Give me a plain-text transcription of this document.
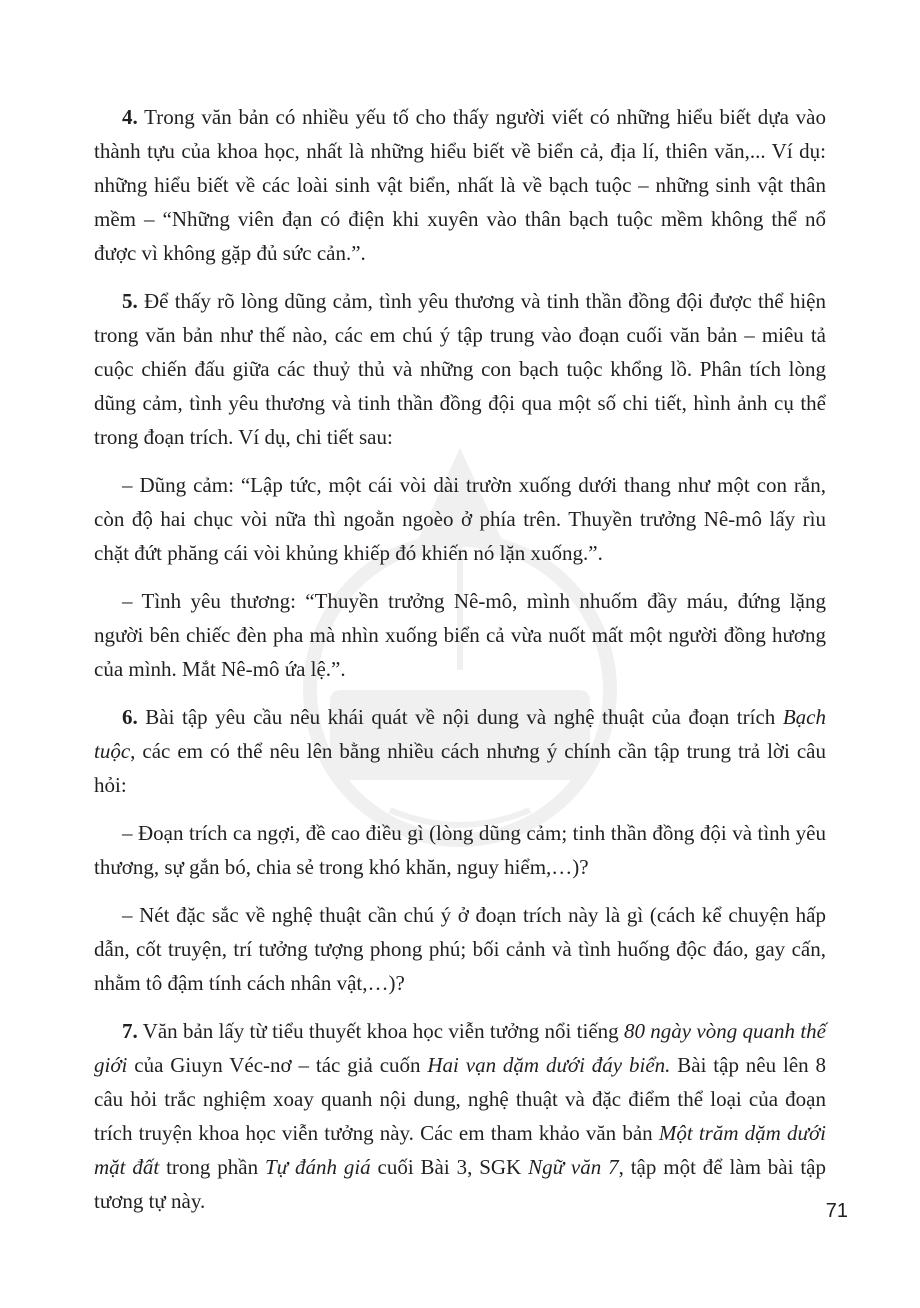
4. Trong văn bản có nhiều yếu tố cho thấy người viết có những hiểu biết dựa vào thành tựu của khoa học, nhất là những hiểu biết về biển cả, địa lí, thiên văn,... Ví dụ: những hiểu biết về các loài sinh vật biển, nhất là về bạch tuộc – những sinh vật thân mềm – “Những viên đạn có điện khi xuyên vào thân bạch tuộc mềm không thể nổ được vì không gặp đủ sức cản.”.

5. Để thấy rõ lòng dũng cảm, tình yêu thương và tinh thần đồng đội được thể hiện trong văn bản như thế nào, các em chú ý tập trung vào đoạn cuối văn bản – miêu tả cuộc chiến đấu giữa các thuỷ thủ và những con bạch tuộc khổng lồ. Phân tích lòng dũng cảm, tình yêu thương và tinh thần đồng đội qua một số chi tiết, hình ảnh cụ thể trong đoạn trích. Ví dụ, chi tiết sau:

– Dũng cảm: “Lập tức, một cái vòi dài trườn xuống dưới thang như một con rắn, còn độ hai chục vòi nữa thì ngoằn ngoèo ở phía trên. Thuyền trưởng Nê-mô lấy rìu chặt đứt phăng cái vòi khủng khiếp đó khiến nó lặn xuống.”.

– Tình yêu thương: “Thuyền trưởng Nê-mô, mình nhuốm đầy máu, đứng lặng người bên chiếc đèn pha mà nhìn xuống biển cả vừa nuốt mất một người đồng hương của mình. Mắt Nê-mô ứa lệ.”.

6. Bài tập yêu cầu nêu khái quát về nội dung và nghệ thuật của đoạn trích Bạch tuộc, các em có thể nêu lên bằng nhiều cách nhưng ý chính cần tập trung trả lời câu hỏi:

– Đoạn trích ca ngợi, đề cao điều gì (lòng dũng cảm; tinh thần đồng đội và tình yêu thương, sự gắn bó, chia sẻ trong khó khăn, nguy hiểm,…)?

– Nét đặc sắc về nghệ thuật cần chú ý ở đoạn trích này là gì (cách kể chuyện hấp dẫn, cốt truyện, trí tưởng tượng phong phú; bối cảnh và tình huống độc đáo, gay cấn, nhằm tô đậm tính cách nhân vật,…)?

7. Văn bản lấy từ tiểu thuyết khoa học viễn tưởng nổi tiếng 80 ngày vòng quanh thế giới của Giuyn Véc-nơ – tác giả cuốn Hai vạn dặm dưới đáy biển. Bài tập nêu lên 8 câu hỏi trắc nghiệm xoay quanh nội dung, nghệ thuật và đặc điểm thể loại của đoạn trích truyện khoa học viễn tưởng này. Các em tham khảo văn bản Một trăm dặm dưới mặt đất trong phần Tự đánh giá cuối Bài 3, SGK Ngữ văn 7, tập một để làm bài tập tương tự này.	71
